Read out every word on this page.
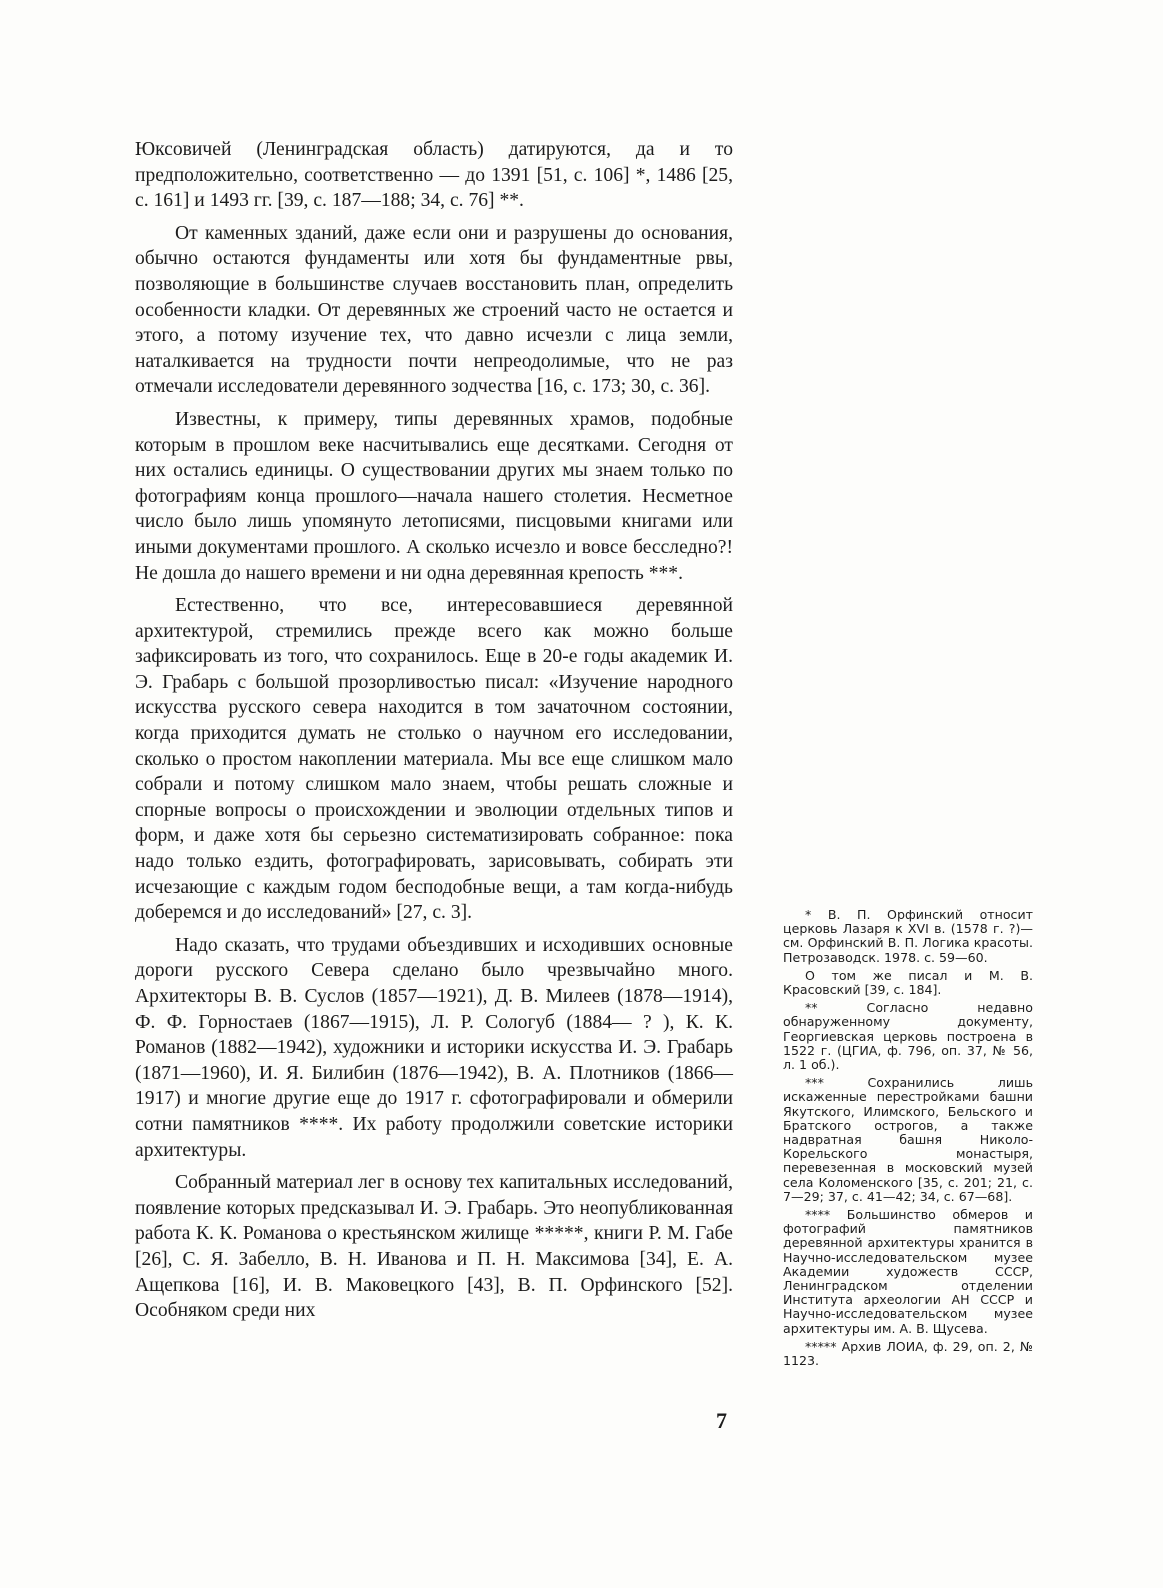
Юксовичей (Ленинградская область) датируются, да и то предположительно, соответственно — до 1391 [51, с. 106] *, 1486 [25, с. 161] и 1493 гг. [39, с. 187—188; 34, с. 76] **.

От каменных зданий, даже если они и разрушены до основания, обычно остаются фундаменты или хотя бы фундаментные рвы, позволяющие в большинстве случаев восстановить план, определить особенности кладки. От деревянных же строений часто не остается и этого, а потому изучение тех, что давно исчезли с лица земли, наталкивается на трудности почти непреодолимые, что не раз отмечали исследователи деревянного зодчества [16, с. 173; 30, с. 36].

Известны, к примеру, типы деревянных храмов, подобные которым в прошлом веке насчитывались еще десятками. Сегодня от них остались единицы. О существовании других мы знаем только по фотографиям конца прошлого—начала нашего столетия. Несметное число было лишь упомянуто летописями, писцовыми книгами или иными документами прошлого. А сколько исчезло и вовсе бесследно?! Не дошла до нашего времени и ни одна деревянная крепость ***.

Естественно, что все, интересовавшиеся деревянной архитектурой, стремились прежде всего как можно больше зафиксировать из того, что сохранилось. Еще в 20-е годы академик И. Э. Грабарь с большой прозорливостью писал: «Изучение народного искусства русского севера находится в том зачаточном состоянии, когда приходится думать не столько о научном его исследовании, сколько о простом накоплении материала. Мы все еще слишком мало собрали и потому слишком мало знаем, чтобы решать сложные и спорные вопросы о происхождении и эволюции отдельных типов и форм, и даже хотя бы серьезно систематизировать собранное: пока надо только ездить, фотографировать, зарисовывать, собирать эти исчезающие с каждым годом бесподобные вещи, а там когда-нибудь доберемся и до исследований» [27, с. 3].

Надо сказать, что трудами объездивших и исходивших основные дороги русского Севера сделано было чрезвычайно много. Архитекторы В. В. Суслов (1857—1921), Д. В. Милеев (1878—1914), Ф. Ф. Горностаев (1867—1915), Л. Р. Сологуб (1884— ? ), К. К. Романов (1882—1942), художники и историки искусства И. Э. Грабарь (1871—1960), И. Я. Билибин (1876—1942), В. А. Плотников (1866—1917) и многие другие еще до 1917 г. сфотографировали и обмерили сотни памятников ****. Их работу продолжили советские историки архитектуры.

Собранный материал лег в основу тех капитальных исследований, появление которых предсказывал И. Э. Грабарь. Это неопубликованная работа К. К. Романова о крестьянском жилище *****, книги Р. М. Габе [26], С. Я. Забелло, В. Н. Иванова и П. Н. Максимова [34], Е. А. Ащепкова [16], И. В. Маковецкого [43], В. П. Орфинского [52]. Особняком среди них

* В. П. Орфинский относит церковь Лазаря к XVI в. (1578 г. ?)— см. Орфинский В. П. Логика красоты. Петрозаводск. 1978. с. 59—60.

О том же писал и М. В. Красовский [39, с. 184].

** Согласно недавно обнаруженному документу, Георгиевская церковь построена в 1522 г. (ЦГИА, ф. 796, оп. 37, № 56, л. 1 об.).

*** Сохранились лишь искаженные перестройками башни Якутского, Илимского, Бельского и Братского острогов, а также надвратная башня Николо-Корельского монастыря, перевезенная в московский музей села Коломенского [35, с. 201; 21, с. 7—29; 37, с. 41—42; 34, с. 67—68].

**** Большинство обмеров и фотографий памятников деревянной архитектуры хранится в Научно-исследовательском музее Академии художеств СССР, Ленинградском отделении Института археологии АН СССР и Научно-исследовательском музее архитектуры им. А. В. Щусева.

***** Архив ЛОИА, ф. 29, оп. 2, № 1123.

7
